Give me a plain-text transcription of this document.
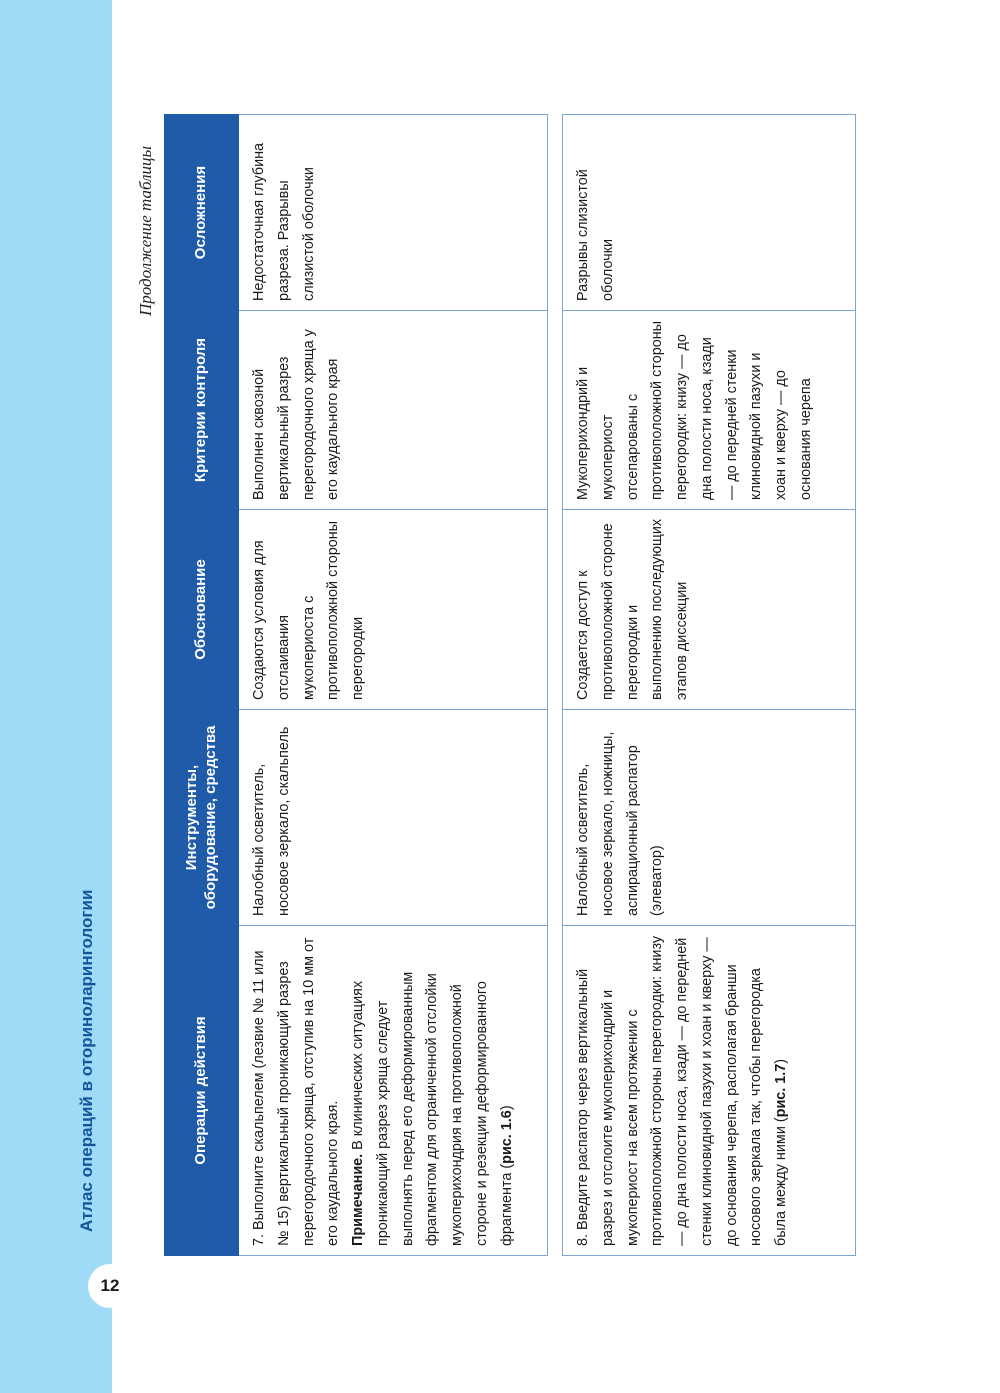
Атлас операций в оториноларингологии
12
Продолжение таблицы
Операции действия	Инструменты, оборудование, средства	Обоснование	Критерии контроля	Осложнения
7. Выполните скальпелем (лезвие № 11 или № 15) вертикальный проникающий разрез перегородочного хряща, отступив на 10 мм от его каудального края. Примечание. В клинических ситуациях проникающий разрез хряща следует выполнять перед его деформированным фрагментом для ограниченной отслойки мукоперихондрия на противоположной стороне и резекции деформированного фрагмента (рис. 1.6)	Налобный осветитель, носовое зеркало, скальпель	Создаются условия для отслаивания мукопериоста с противоположной стороны перегородки	Выполнен сквозной вертикальный разрез перегородочного хряща у его каудального края	Недостаточная глубина разреза. Разрывы слизистой оболочки

8. Введите распатор через вертикальный разрез и отслоите мукоперихондрий и мукопериост на всем протяжении с противоположной стороны перегородки: книзу — до дна полости носа, кзади — до передней стенки клиновидной пазухи и хоан и кверху — до основания черепа, располагая бранши носового зеркала так, чтобы перегородка была между ними (рис. 1.7)	Налобный осветитель, носовое зеркало, ножницы, аспирационный распатор (элеватор)	Создается доступ к противоположной стороне перегородки и выполнению последующих этапов диссекции	Мукоперихондрий и мукопериост отсепарованы с противоположной стороны перегородки: книзу — до дна полости носа, кзади — до передней стенки клиновидной пазухи и хоан и кверху — до основания черепа	Разрывы слизистой оболочки
